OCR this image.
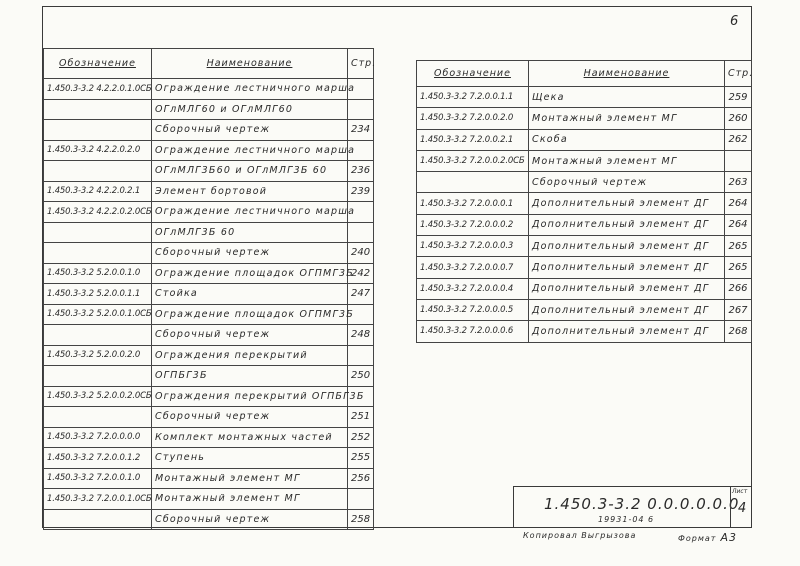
6
Обозначение	Наименование	Стр.
1.450.3-3.2 4.2.2.0.1.0СБ	Ограждение лестничного марша	
	ОГлМЛГ60 и ОГлМЛГ60	
	Сборочный чертеж	234
1.450.3-3.2 4.2.2.0.2.0	Ограждение лестничного марша	
	ОГлМЛГ3Б60 и ОГлМЛГ3Б 60	236
1.450.3-3.2 4.2.2.0.2.1	Элемент бортовой	239
1.450.3-3.2 4.2.2.0.2.0СБ	Ограждение лестничного марша	
	ОГлМЛГ3Б 60	
	Сборочный чертеж	240
1.450.3-3.2 5.2.0.0.1.0	Ограждение площадок ОГПМГ3Б	242
1.450.3-3.2 5.2.0.0.1.1	Стойка	247
1.450.3-3.2 5.2.0.0.1.0СБ	Ограждение площадок ОГПМГ3Б	
	Сборочный чертеж	248
1.450.3-3.2 5.2.0.0.2.0	Ограждения перекрытий	
	ОГПБГ3Б	250
1.450.3-3.2 5.2.0.0.2.0СБ	Ограждения перекрытий ОГПБГ3Б	
	Сборочный чертеж	251
1.450.3-3.2 7.2.0.0.0.0	Комплект монтажных частей	252
1.450.3-3.2 7.2.0.0.1.2	Ступень	255
1.450.3-3.2 7.2.0.0.1.0	Монтажный элемент МГ	256
1.450.3-3.2 7.2.0.0.1.0СБ	Монтажный элемент МГ	
	Сборочный чертеж	258
Обозначение	Наименование	Стр.
1.450.3-3.2 7.2.0.0.1.1	Щека	259
1.450.3-3.2 7.2.0.0.2.0	Монтажный элемент МГ	260
1.450.3-3.2 7.2.0.0.2.1	Скоба	262
1.450.3-3.2 7.2.0.0.2.0СБ	Монтажный элемент МГ	
	Сборочный чертеж	263
1.450.3-3.2 7.2.0.0.0.1	Дополнительный элемент ДГ	264
1.450.3-3.2 7.2.0.0.0.2	Дополнительный элемент ДГ	264
1.450.3-3.2 7.2.0.0.0.3	Дополнительный элемент ДГ	265
1.450.3-3.2 7.2.0.0.0.7	Дополнительный элемент ДГ	265
1.450.3-3.2 7.2.0.0.0.4	Дополнительный элемент ДГ	266
1.450.3-3.2 7.2.0.0.0.5	Дополнительный элемент ДГ	267
1.450.3-3.2 7.2.0.0.0.6	Дополнительный элемент ДГ	268
1.450.3-3.2 0.0.0.0.0.0
Лист
4
19931-04 6
Копировал Выгрызова	Формат А3
